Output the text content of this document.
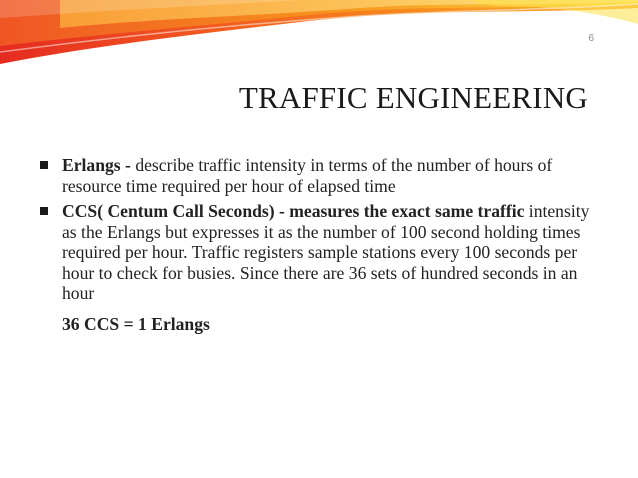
6
TRAFFIC ENGINEERING

Erlangs - describe traffic intensity in terms of the number of hours of resource time required per hour of elapsed time

CCS( Centum Call Seconds) - measures the exact same traffic intensity as the Erlangs but expresses it as the number of 100 second holding times required per hour. Traffic registers sample stations every 100 seconds per hour to check for busies. Since there are 36 sets of hundred seconds in an hour

36 CCS = 1 Erlangs
